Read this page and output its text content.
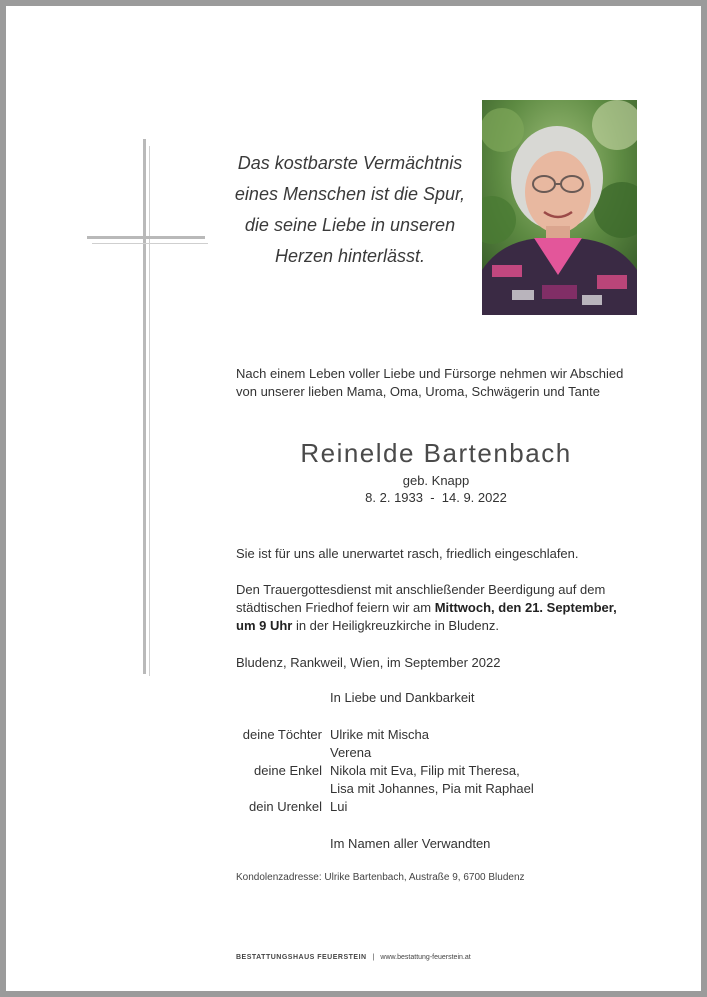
Das kostbarste Vermächtnis
eines Menschen ist die Spur,
die seine Liebe in unseren
Herzen hinterlässt.
Nach einem Leben voller Liebe und Fürsorge nehmen wir Abschied
von unserer lieben Mama, Oma, Uroma, Schwägerin und Tante
Reinelde Bartenbach
geb. Knapp
8. 2. 1933  -  14. 9. 2022
Sie ist für uns alle unerwartet rasch, friedlich eingeschlafen.
Den Trauergottesdienst mit anschließender Beerdigung auf dem
städtischen Friedhof feiern wir am Mittwoch, den 21. September,
um 9 Uhr in der Heiligkreuzkirche in Bludenz.
Bludenz, Rankweil, Wien, im September 2022
In Liebe und Dankbarkeit
deine Töchter Ulrike mit Mischa
Verena
deine Enkel Nikola mit Eva, Filip mit Theresa,
Lisa mit Johannes, Pia mit Raphael
dein Urenkel Lui
Im Namen aller Verwandten
Kondolenzadresse: Ulrike Bartenbach, Austraße 9, 6700 Bludenz
BESTATTUNGSHAUS FEUERSTEIN | www.bestattung-feuerstein.at
